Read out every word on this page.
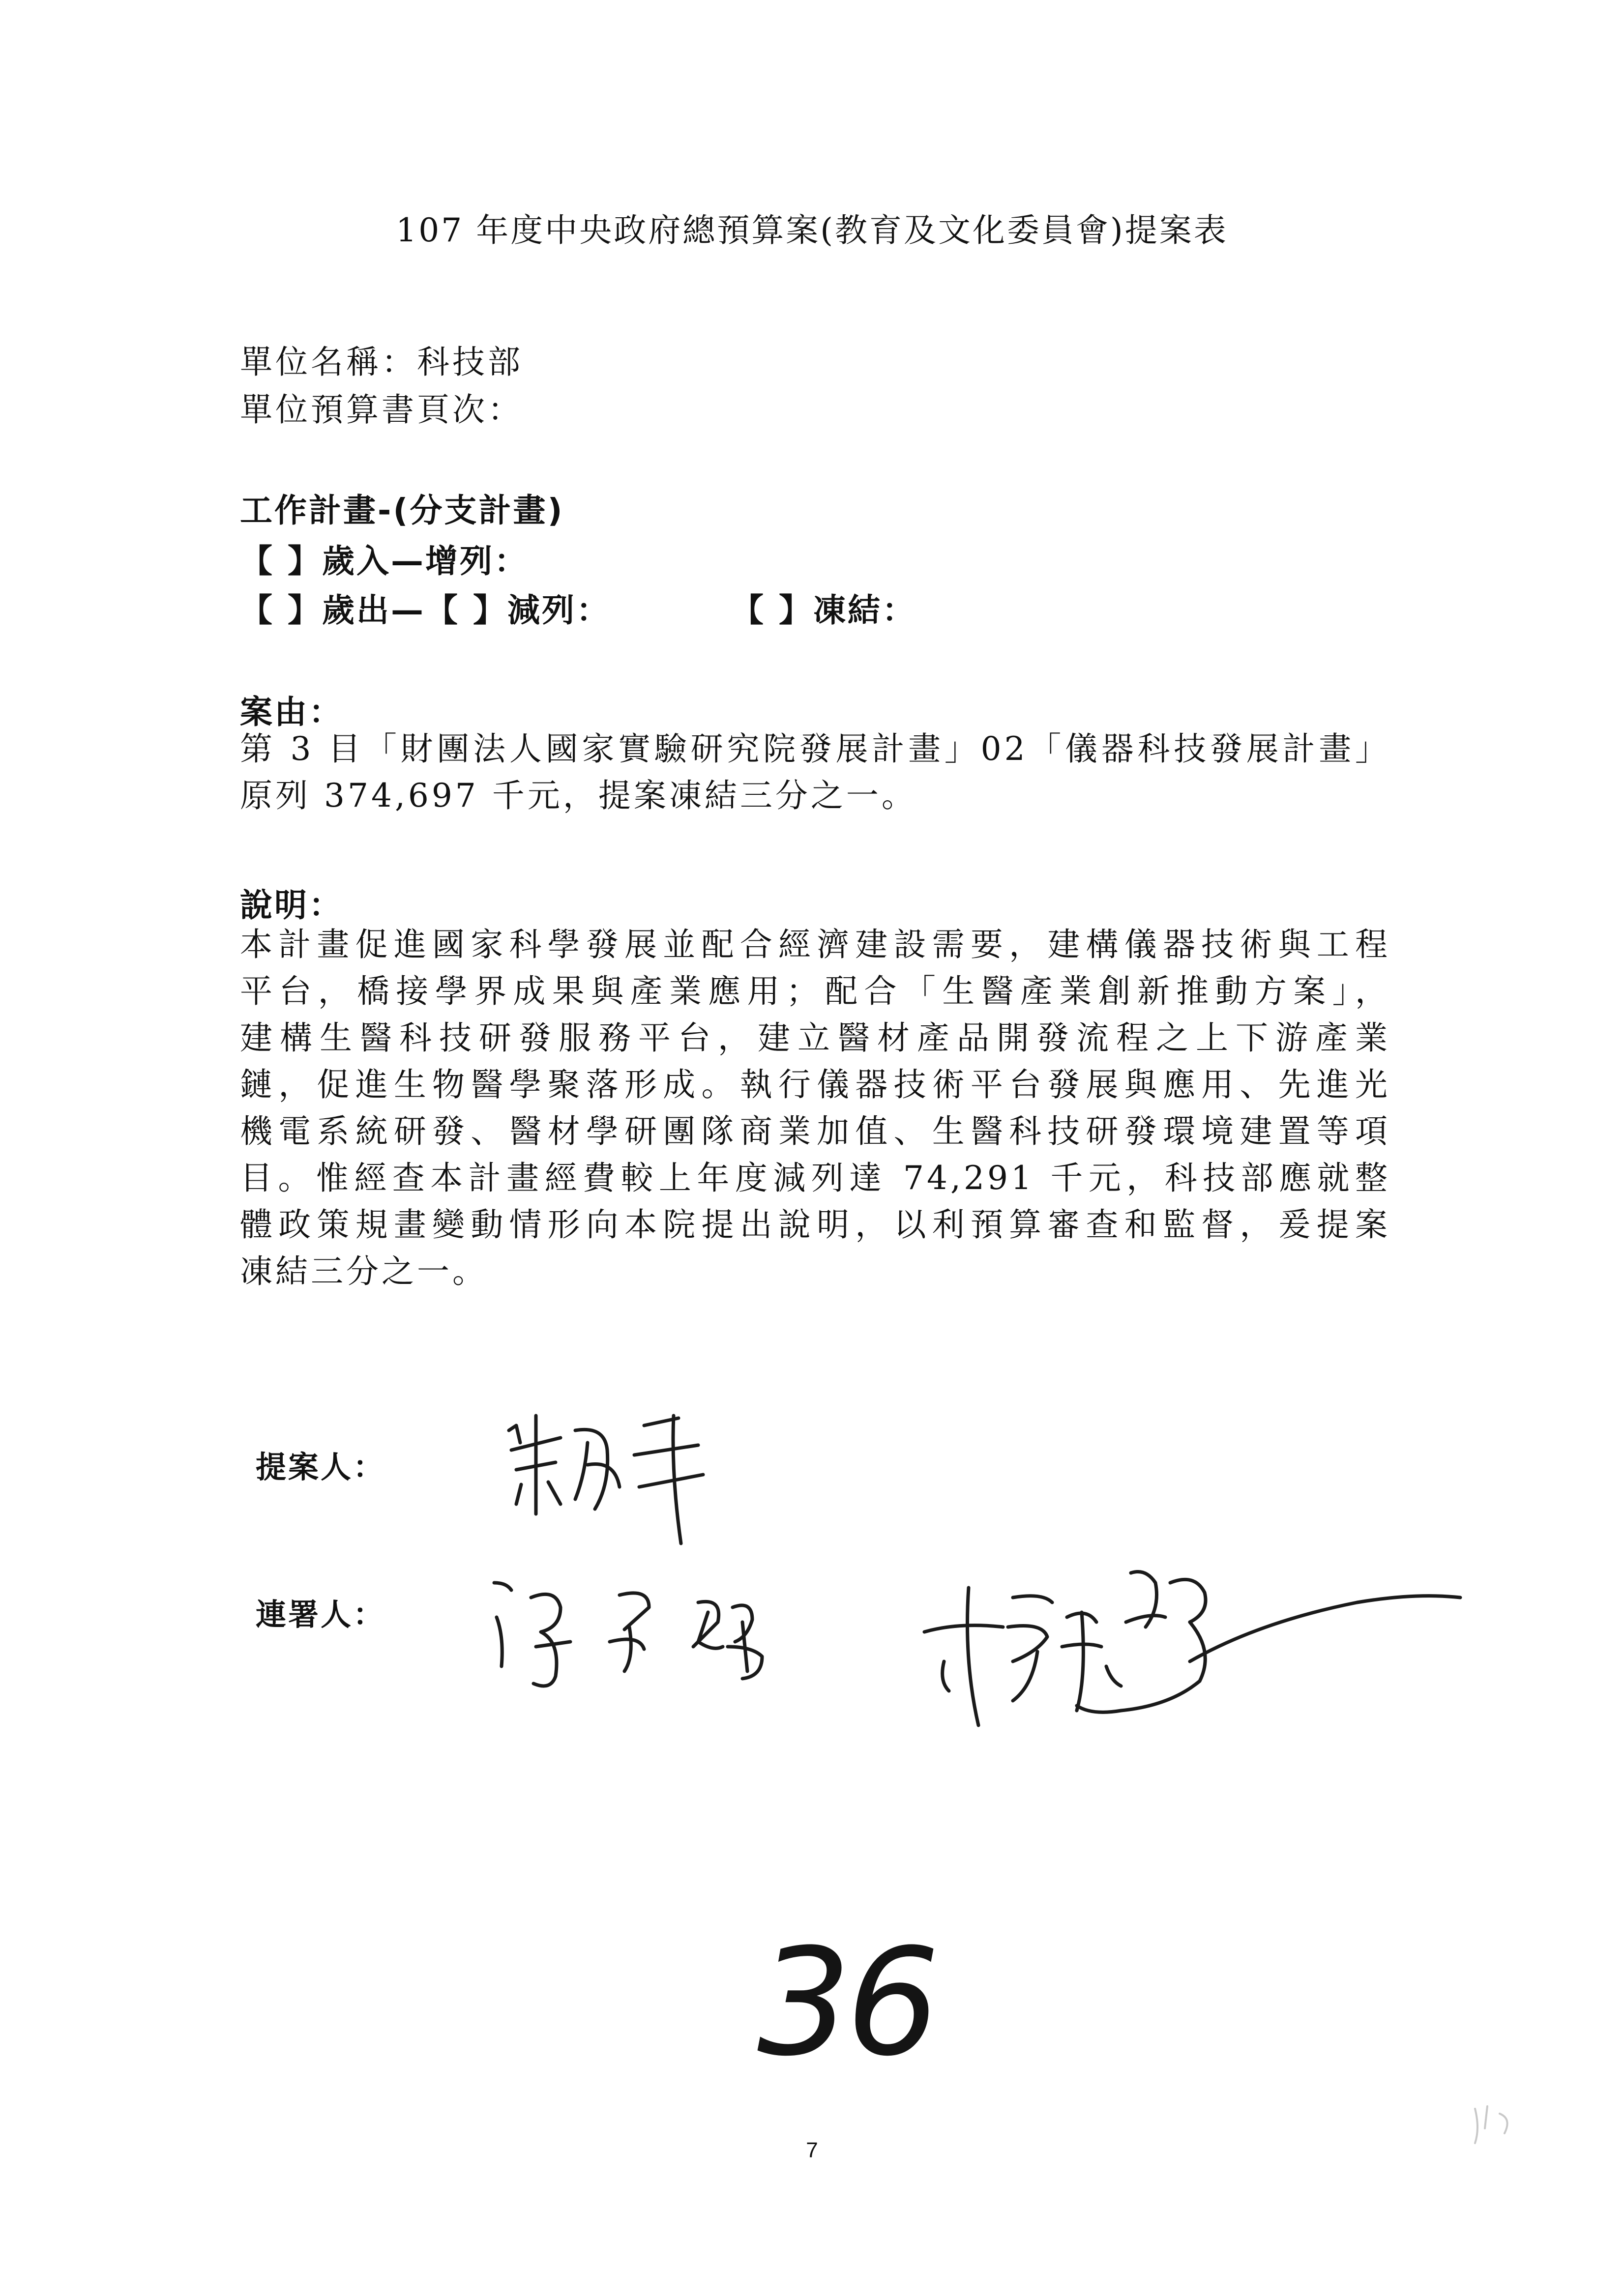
107 年度中央政府總預算案(教育及文化委員會)提案表
單位名稱：科技部
單位預算書頁次：
工作計畫-(分支計畫)
【 】歲入—增列：
【 】歲出—【 】減列：	【 】凍結：
案由：
第 3 目「財團法人國家實驗研究院發展計畫」02「儀器科技發展計畫」
原列 374,697 千元，提案凍結三分之一。
說明：
本計畫促進國家科學發展並配合經濟建設需要，建構儀器技術與工程
平台，橋接學界成果與產業應用；配合「生醫產業創新推動方案」，
建構生醫科技研發服務平台，建立醫材產品開發流程之上下游產業
鏈，促進生物醫學聚落形成。執行儀器技術平台發展與應用、先進光
機電系統研發、醫材學研團隊商業加值、生醫科技研發環境建置等項
目。惟經查本計畫經費較上年度減列達 74,291 千元，科技部應就整
體政策規畫變動情形向本院提出說明，以利預算審查和監督，爰提案
凍結三分之一。
提案人：
連署人：
36
7
